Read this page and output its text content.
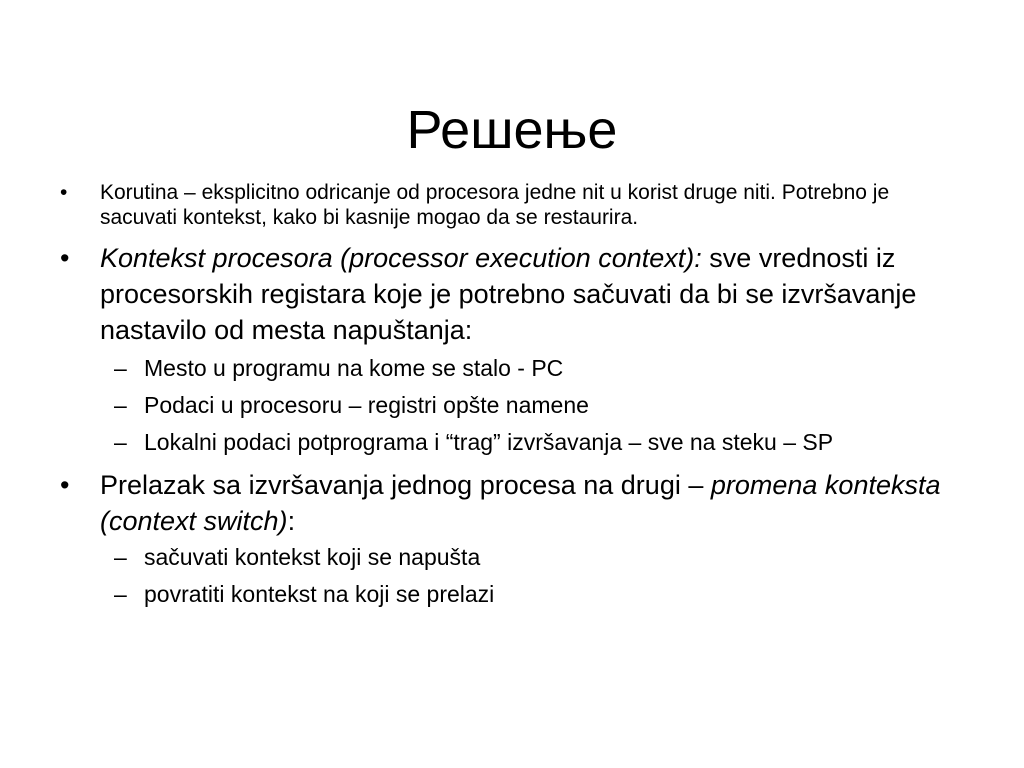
Решење
• Korutina – eksplicitno odricanje od procesora jedne nit u korist druge niti. Potrebno je sacuvati kontekst, kako bi kasnije mogao da se restaurira.
• Kontekst procesora (processor execution context): sve vrednosti iz procesorskih registara koje je potrebno sačuvati da bi se izvršavanje nastavilo od mesta napuštanja:
– Mesto u programu na kome se stalo - PC
– Podaci u procesoru – registri opšte namene
– Lokalni podaci potprograma i “trag” izvršavanja – sve na steku – SP
• Prelazak sa izvršavanja jednog procesa na drugi – promena konteksta (context switch):
– sačuvati kontekst koji se napušta
– povratiti kontekst na koji se prelazi
